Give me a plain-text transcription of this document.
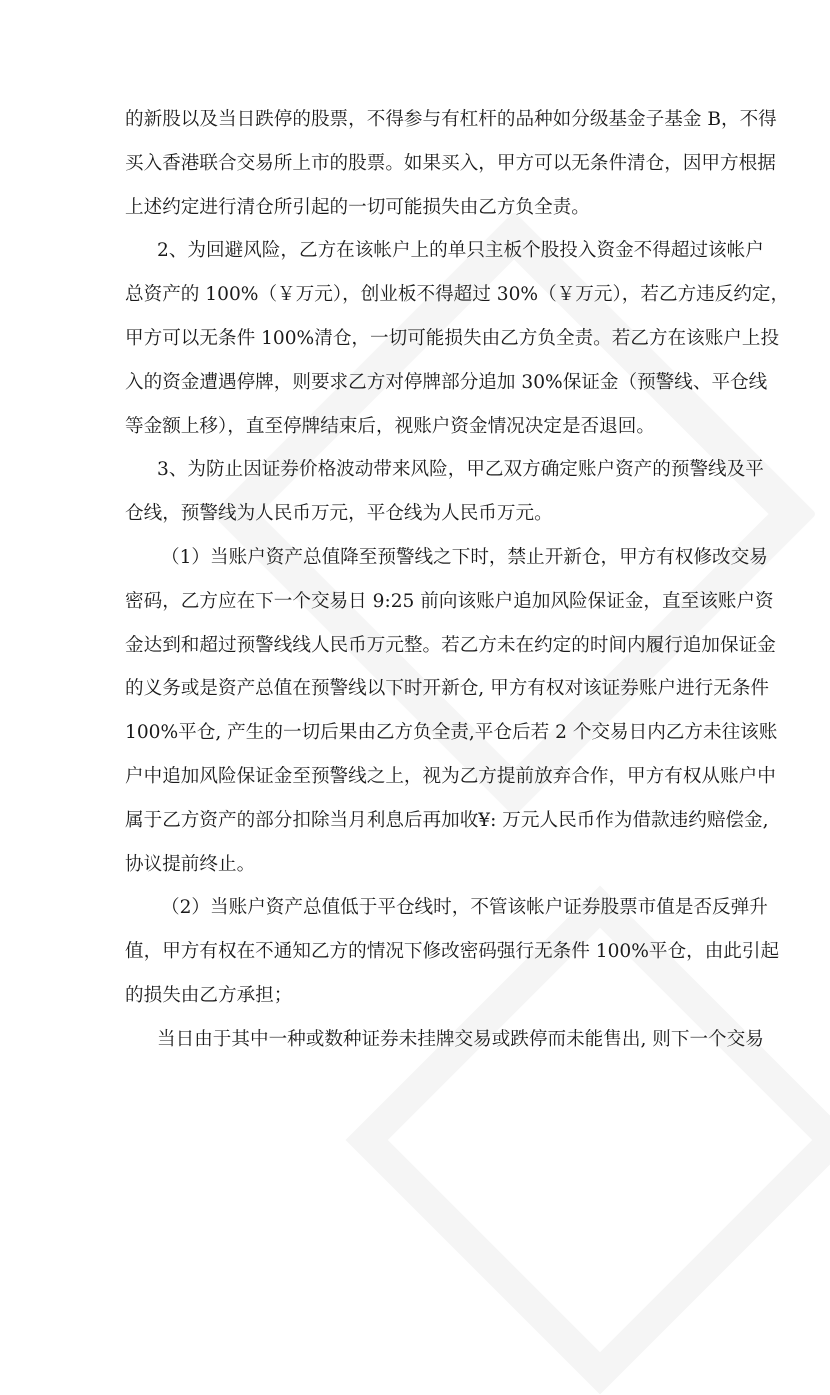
的新股以及当日跌停的股票，不得参与有杠杆的品种如分级基金子基金 B，不得
买入香港联合交易所上市的股票。如果买入，甲方可以无条件清仓，因甲方根据
上述约定进行清仓所引起的一切可能损失由乙方负全责。
2、为回避风险，乙方在该帐户上的单只主板个股投入资金不得超过该帐户
总资产的 100%（￥万元），创业板不得超过 30%（￥万元），若乙方违反约定，
甲方可以无条件 100%清仓，一切可能损失由乙方负全责。若乙方在该账户上投
入的资金遭遇停牌，则要求乙方对停牌部分追加 30%保证金（预警线、平仓线
等金额上移），直至停牌结束后，视账户资金情况决定是否退回。
3、为防止因证券价格波动带来风险，甲乙双方确定账户资产的预警线及平
仓线，预警线为人民币万元，平仓线为人民币万元。
（1）当账户资产总值降至预警线之下时，禁止开新仓，甲方有权修改交易
密码，乙方应在下一个交易日 9:25 前向该账户追加风险保证金，直至该账户资
金达到和超过预警线线人民币万元整。若乙方未在约定的时间内履行追加保证金
的义务或是资产总值在预警线以下时开新仓, 甲方有权对该证券账户进行无条件
100%平仓, 产生的一切后果由乙方负全责,平仓后若 2 个交易日内乙方未往该账
户中追加风险保证金至预警线之上，视为乙方提前放弃合作，甲方有权从账户中
属于乙方资产的部分扣除当月利息后再加收¥: 万元人民币作为借款违约赔偿金,
协议提前终止。
（2）当账户资产总值低于平仓线时，不管该帐户证券股票市值是否反弹升
值，甲方有权在不通知乙方的情况下修改密码强行无条件 100%平仓，由此引起
的损失由乙方承担；
当日由于其中一种或数种证券未挂牌交易或跌停而未能售出, 则下一个交易
